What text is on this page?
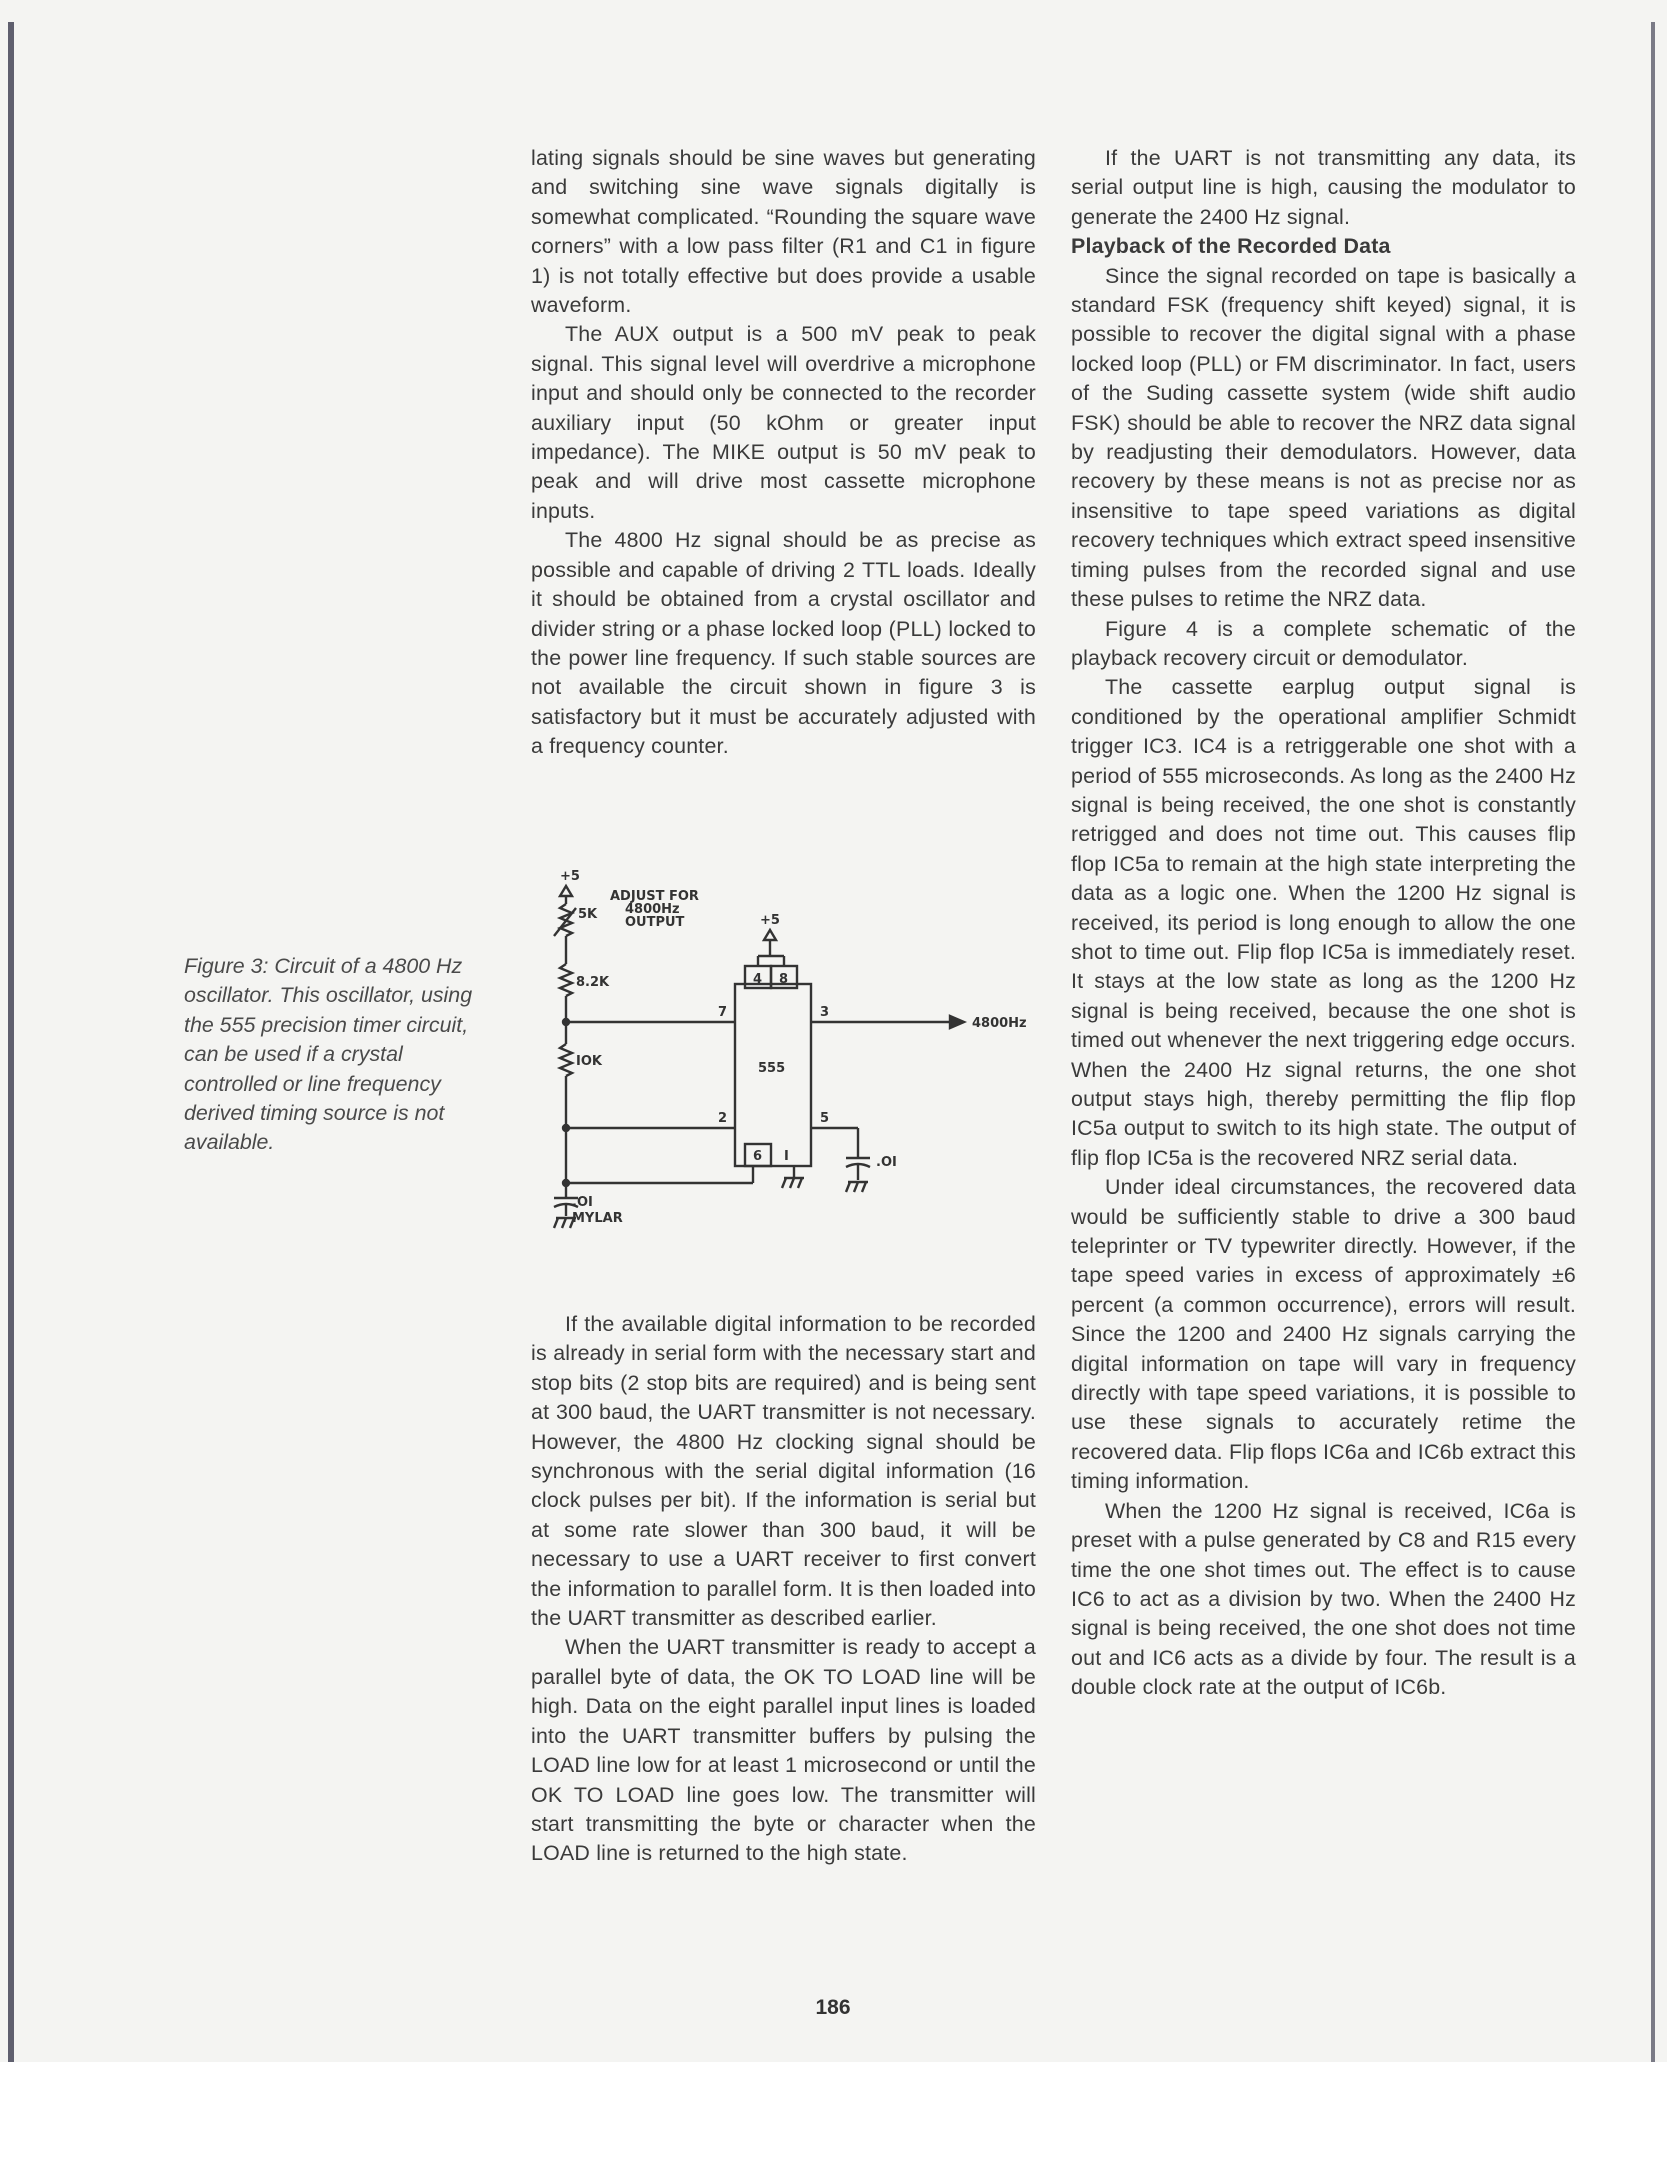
lating signals should be sine waves but generating and switching sine wave signals digitally is somewhat complicated. “Rounding the square wave corners” with a low pass filter (R1 and C1 in figure 1) is not totally effective but does provide a usable waveform.

The AUX output is a 500 mV peak to peak signal. This signal level will overdrive a microphone input and should only be connected to the recorder auxiliary input (50 kOhm or greater input impedance). The MIKE output is 50 mV peak to peak and will drive most cassette microphone inputs.

The 4800 Hz signal should be as precise as possible and capable of driving 2 TTL loads. Ideally it should be obtained from a crystal oscillator and divider string or a phase locked loop (PLL) locked to the power line frequency. If such stable sources are not available the circuit shown in figure 3 is satisfactory but it must be accurately adjusted with a frequency counter.

Figure 3: Circuit of a 4800 Hz oscillator. This oscillator, using the 555 precision timer circuit, can be used if a crystal controlled or line frequency derived timing source is not available.
+5
5K
ADJUST FOR
4800Hz
OUTPUT
8.2K
7
IOK
2
.OI
MYLAR
555
4 8
+5
3
4800Hz
5
.OI
6 I

If the available digital information to be recorded is already in serial form with the necessary start and stop bits (2 stop bits are required) and is being sent at 300 baud, the UART transmitter is not necessary. However, the 4800 Hz clocking signal should be synchronous with the serial digital information (16 clock pulses per bit). If the information is serial but at some rate slower than 300 baud, it will be necessary to use a UART receiver to first convert the information to parallel form. It is then loaded into the UART transmitter as described earlier.

When the UART transmitter is ready to accept a parallel byte of data, the OK TO LOAD line will be high. Data on the eight parallel input lines is loaded into the UART transmitter buffers by pulsing the LOAD line low for at least 1 microsecond or until the OK TO LOAD line goes low. The transmitter will start transmitting the byte or character when the LOAD line is returned to the high state.

If the UART is not transmitting any data, its serial output line is high, causing the modulator to generate the 2400 Hz signal.

Playback of the Recorded Data

Since the signal recorded on tape is basically a standard FSK (frequency shift keyed) signal, it is possible to recover the digital signal with a phase locked loop (PLL) or FM discriminator. In fact, users of the Suding cassette system (wide shift audio FSK) should be able to recover the NRZ data signal by readjusting their demodulators. However, data recovery by these means is not as precise nor as insensitive to tape speed variations as digital recovery techniques which extract speed insensitive timing pulses from the recorded signal and use these pulses to retime the NRZ data.

Figure 4 is a complete schematic of the playback recovery circuit or demodulator.

The cassette earplug output signal is conditioned by the operational amplifier Schmidt trigger IC3. IC4 is a retriggerable one shot with a period of 555 microseconds. As long as the 2400 Hz signal is being received, the one shot is constantly retrigged and does not time out. This causes flip flop IC5a to remain at the high state interpreting the data as a logic one. When the 1200 Hz signal is received, its period is long enough to allow the one shot to time out. Flip flop IC5a is immediately reset. It stays at the low state as long as the 1200 Hz signal is being received, because the one shot is timed out whenever the next triggering edge occurs. When the 2400 Hz signal returns, the one shot output stays high, thereby permitting the flip flop IC5a output to switch to its high state. The output of flip flop IC5a is the recovered NRZ serial data.

Under ideal circumstances, the recovered data would be sufficiently stable to drive a 300 baud teleprinter or TV typewriter directly. However, if the tape speed varies in excess of approximately ±6 percent (a common occurrence), errors will result. Since the 1200 and 2400 Hz signals carrying the digital information on tape will vary in frequency directly with tape speed variations, it is possible to use these signals to accurately retime the recovered data. Flip flops IC6a and IC6b extract this timing information.

When the 1200 Hz signal is received, IC6a is preset with a pulse generated by C8 and R15 every time the one shot times out. The effect is to cause IC6 to act as a division by two. When the 2400 Hz signal is being received, the one shot does not time out and IC6 acts as a divide by four. The result is a double clock rate at the output of IC6b.

186
